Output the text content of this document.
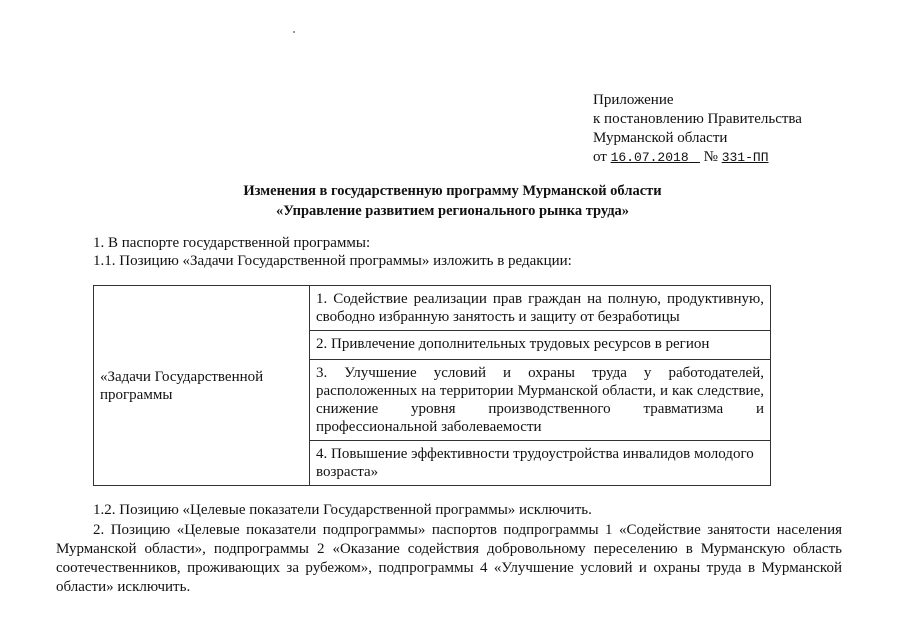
Приложение
к постановлению Правительства
Мурманской области
от 16.07.2018 № 331-ПП
Изменения в государственную программу Мурманской области
«Управление развитием регионального рынка труда»
1. В паспорте государственной программы:
1.1. Позицию «Задачи Государственной программы» изложить в редакции:
«Задачи Государственной программы
	1. Содействие реализации прав граждан на полную, продуктивную, свободно избранную занятость и защиту от безработицы
2. Привлечение дополнительных трудовых ресурсов в регион
3. Улучшение условий и охраны труда у работодателей, расположенных на территории Мурманской области, и как следствие, снижение уровня производственного травматизма и профессиональной заболеваемости
4. Повышение эффективности трудоустройства инвалидов молодого возраста»
1.2. Позицию «Целевые показатели Государственной программы» исключить.
2. Позицию «Целевые показатели подпрограммы» паспортов подпрограммы 1 «Содействие занятости населения Мурманской области», подпрограммы 2 «Оказание содействия добровольному переселению в Мурманскую область соотечественников, проживающих за рубежом», подпрограммы 4 «Улучшение условий и охраны труда в Мурманской области» исключить.
